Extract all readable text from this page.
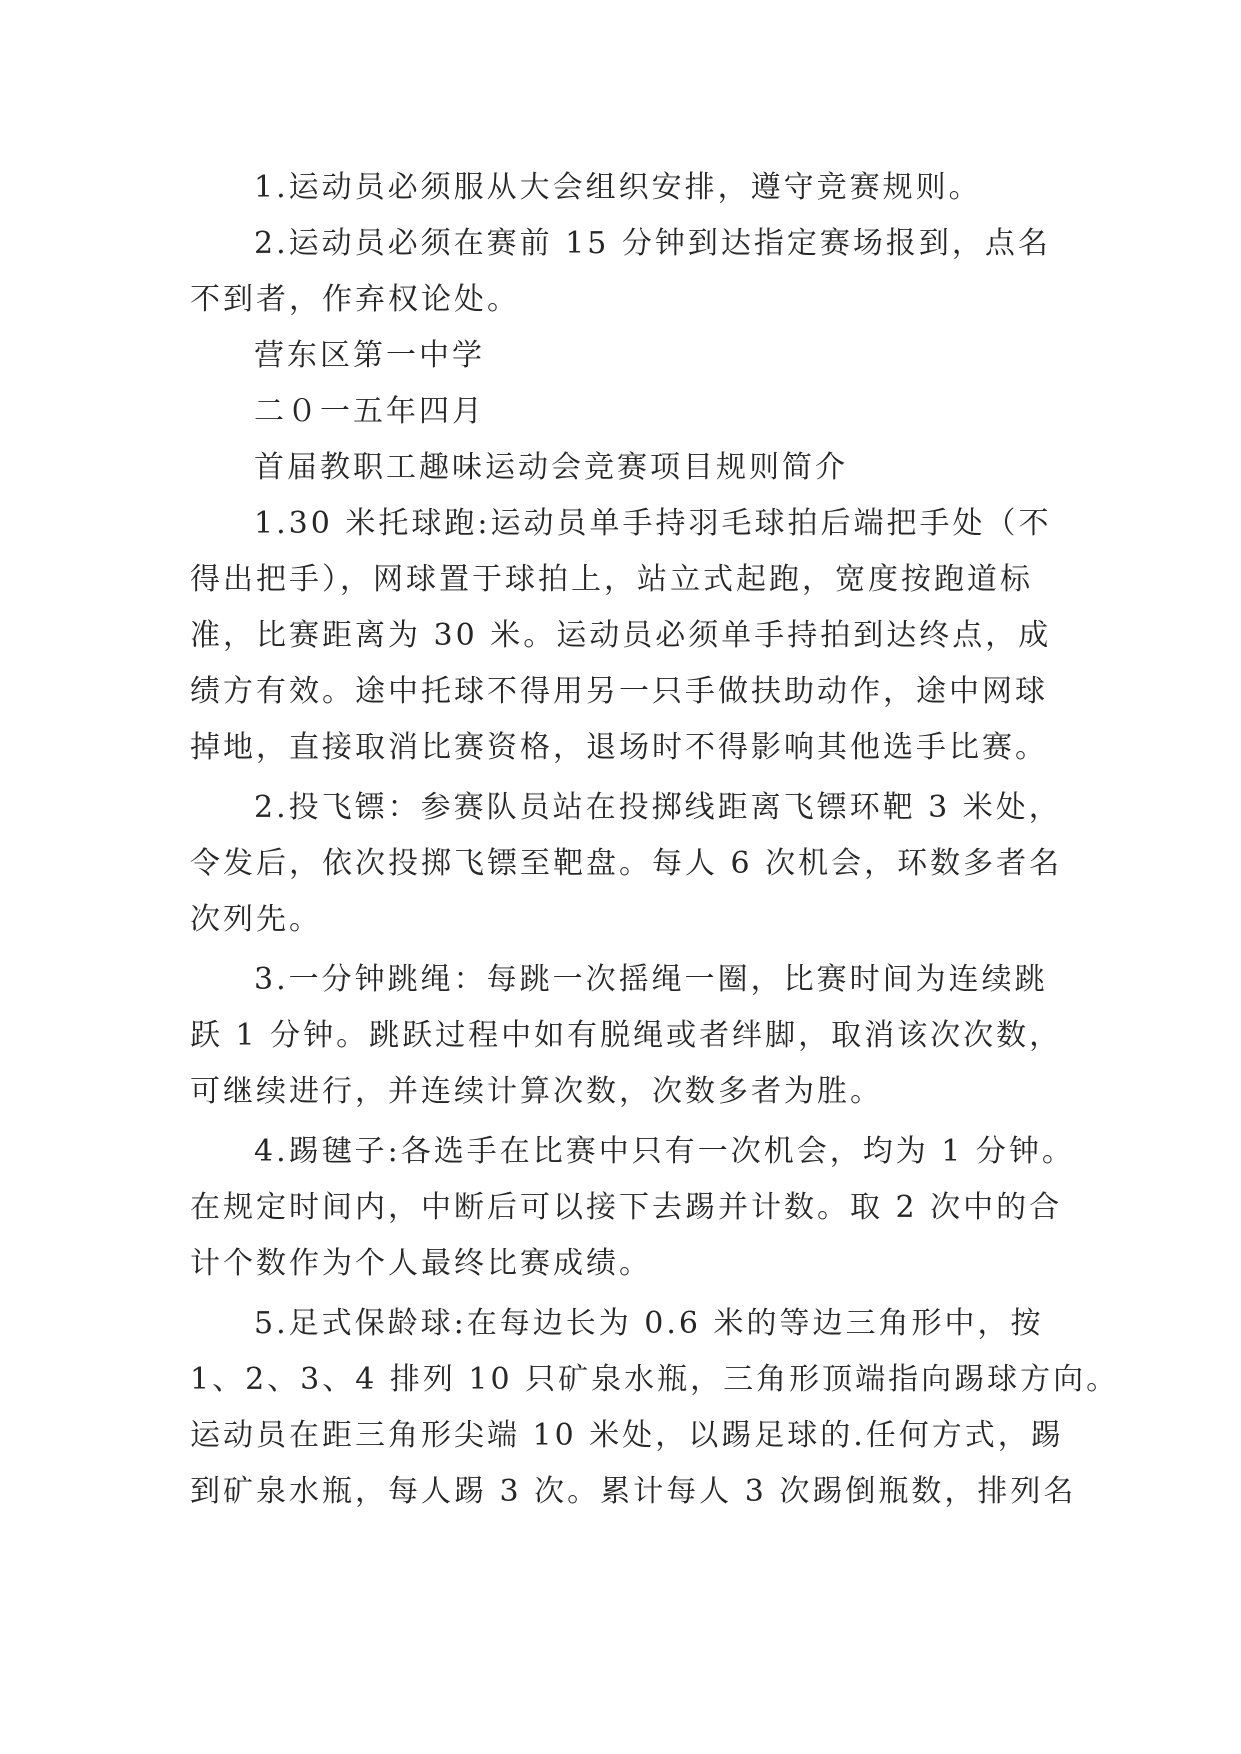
1.运动员必须服从大会组织安排，遵守竞赛规则。

2.运动员必须在赛前 15 分钟到达指定赛场报到，点名
不到者，作弃权论处。

营东区第一中学

二０一五年四月

首届教职工趣味运动会竞赛项目规则简介

1.30 米托球跑:运动员单手持羽毛球拍后端把手处（不
得出把手），网球置于球拍上，站立式起跑，宽度按跑道标
准，比赛距离为 30 米。运动员必须单手持拍到达终点，成
绩方有效。途中托球不得用另一只手做扶助动作，途中网球
掉地，直接取消比赛资格，退场时不得影响其他选手比赛。

2.投飞镖：参赛队员站在投掷线距离飞镖环靶 3 米处，
令发后，依次投掷飞镖至靶盘。每人 6 次机会，环数多者名
次列先。

3.一分钟跳绳：每跳一次摇绳一圈，比赛时间为连续跳
跃 1 分钟。跳跃过程中如有脱绳或者绊脚，取消该次次数，
可继续进行，并连续计算次数，次数多者为胜。

4.踢毽子:各选手在比赛中只有一次机会，均为 1 分钟。
在规定时间内，中断后可以接下去踢并计数。取 2 次中的合
计个数作为个人最终比赛成绩。

5.足式保龄球:在每边长为 0.6 米的等边三角形中，按
1、2、3、4 排列 10 只矿泉水瓶，三角形顶端指向踢球方向。
运动员在距三角形尖端 10 米处，以踢足球的.任何方式，踢
到矿泉水瓶，每人踢 3 次。累计每人 3 次踢倒瓶数，排列名
